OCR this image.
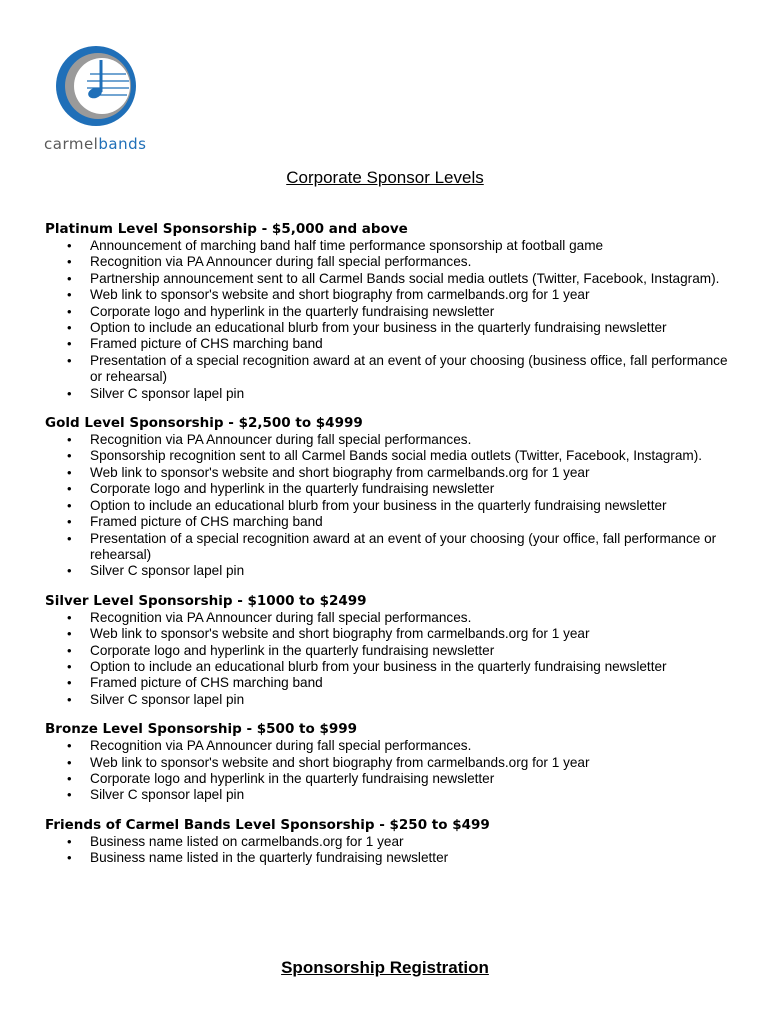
carmelbands
Corporate Sponsor Levels

Platinum Level Sponsorship - $5,000 and above

• Announcement of marching band half time performance sponsorship at football game
• Recognition via PA Announcer during fall special performances.
• Partnership announcement sent to all Carmel Bands social media outlets (Twitter, Facebook, Instagram).
• Web link to sponsor's website and short biography from carmelbands.org for 1 year
• Corporate logo and hyperlink in the quarterly fundraising newsletter
• Option to include an educational blurb from your business in the quarterly fundraising newsletter
• Framed picture of CHS marching band
• Presentation of a special recognition award at an event of your choosing (business office, fall performance or rehearsal)
• Silver C sponsor lapel pin

Gold Level Sponsorship - $2,500 to $4999

• Recognition via PA Announcer during fall special performances.
• Sponsorship recognition sent to all Carmel Bands social media outlets (Twitter, Facebook, Instagram).
• Web link to sponsor's website and short biography from carmelbands.org for 1 year
• Corporate logo and hyperlink in the quarterly fundraising newsletter
• Option to include an educational blurb from your business in the quarterly fundraising newsletter
• Framed picture of CHS marching band
• Presentation of a special recognition award at an event of your choosing (your office, fall performance or rehearsal)
• Silver C sponsor lapel pin

Silver Level Sponsorship - $1000 to $2499

• Recognition via PA Announcer during fall special performances.
• Web link to sponsor's website and short biography from carmelbands.org for 1 year
• Corporate logo and hyperlink in the quarterly fundraising newsletter
• Option to include an educational blurb from your business in the quarterly fundraising newsletter
• Framed picture of CHS marching band
• Silver C sponsor lapel pin

Bronze Level Sponsorship - $500 to $999

• Recognition via PA Announcer during fall special performances.
• Web link to sponsor's website and short biography from carmelbands.org for 1 year
• Corporate logo and hyperlink in the quarterly fundraising newsletter
• Silver C sponsor lapel pin

Friends of Carmel Bands Level Sponsorship - $250 to $499

• Business name listed on carmelbands.org for 1 year
• Business name listed in the quarterly fundraising newsletter
Sponsorship Registration
